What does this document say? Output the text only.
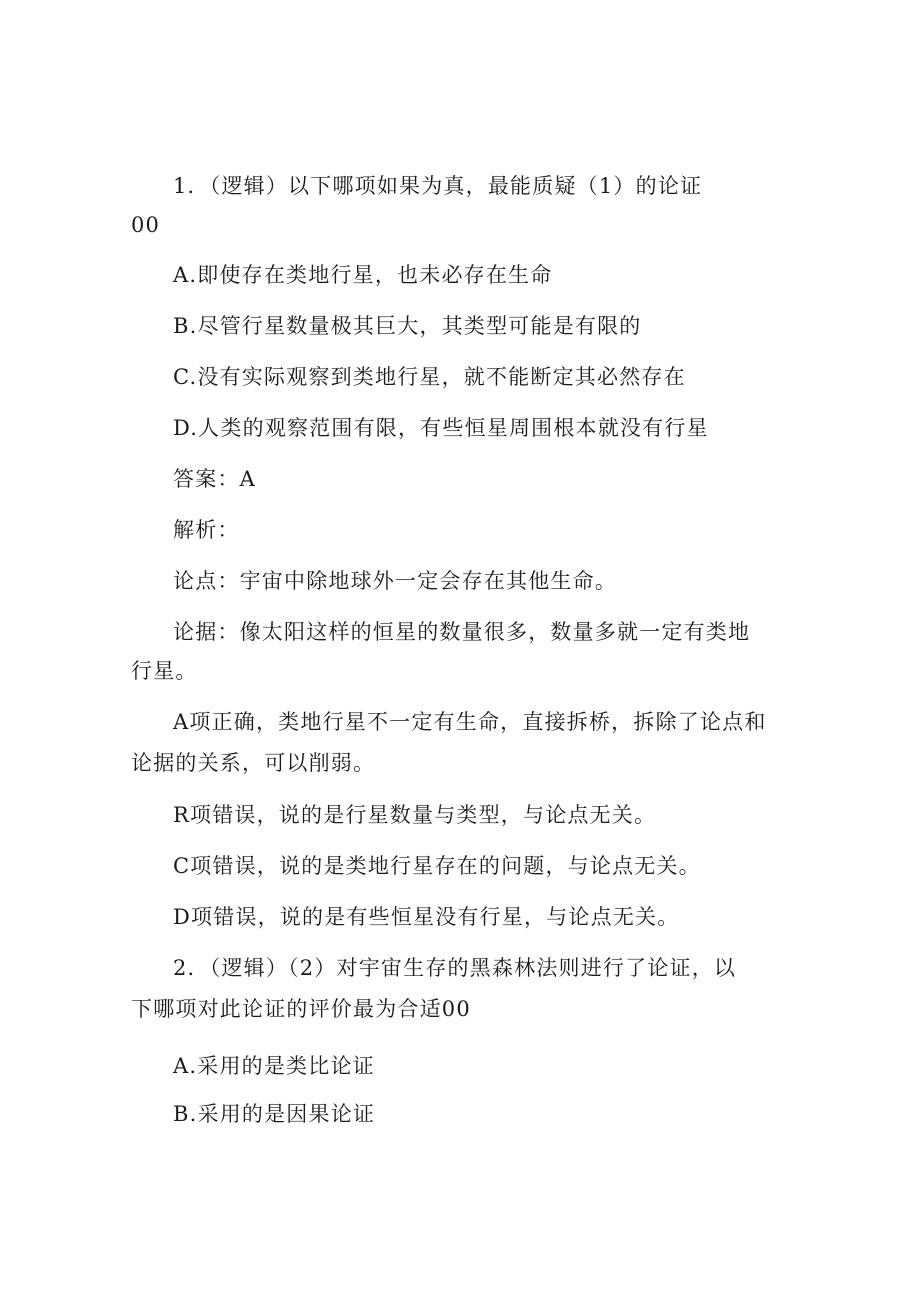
1．（逻辑）以下哪项如果为真，最能质疑（1）的论证
00
A.即使存在类地行星，也未必存在生命
B.尽管行星数量极其巨大，其类型可能是有限的
C.没有实际观察到类地行星，就不能断定其必然存在
D.人类的观察范围有限，有些恒星周围根本就没有行星
答案：A
解析：
论点：宇宙中除地球外一定会存在其他生命。
论据：像太阳这样的恒星的数量很多，数量多就一定有类地
行星。
A项正确，类地行星不一定有生命，直接拆桥，拆除了论点和
论据的关系，可以削弱。
R项错误，说的是行星数量与类型，与论点无关。
C项错误，说的是类地行星存在的问题，与论点无关。
D项错误，说的是有些恒星没有行星，与论点无关。
2．（逻辑）（2）对宇宙生存的黑森林法则进行了论证，以
下哪项对此论证的评价最为合适00
A.采用的是类比论证
B.采用的是因果论证
